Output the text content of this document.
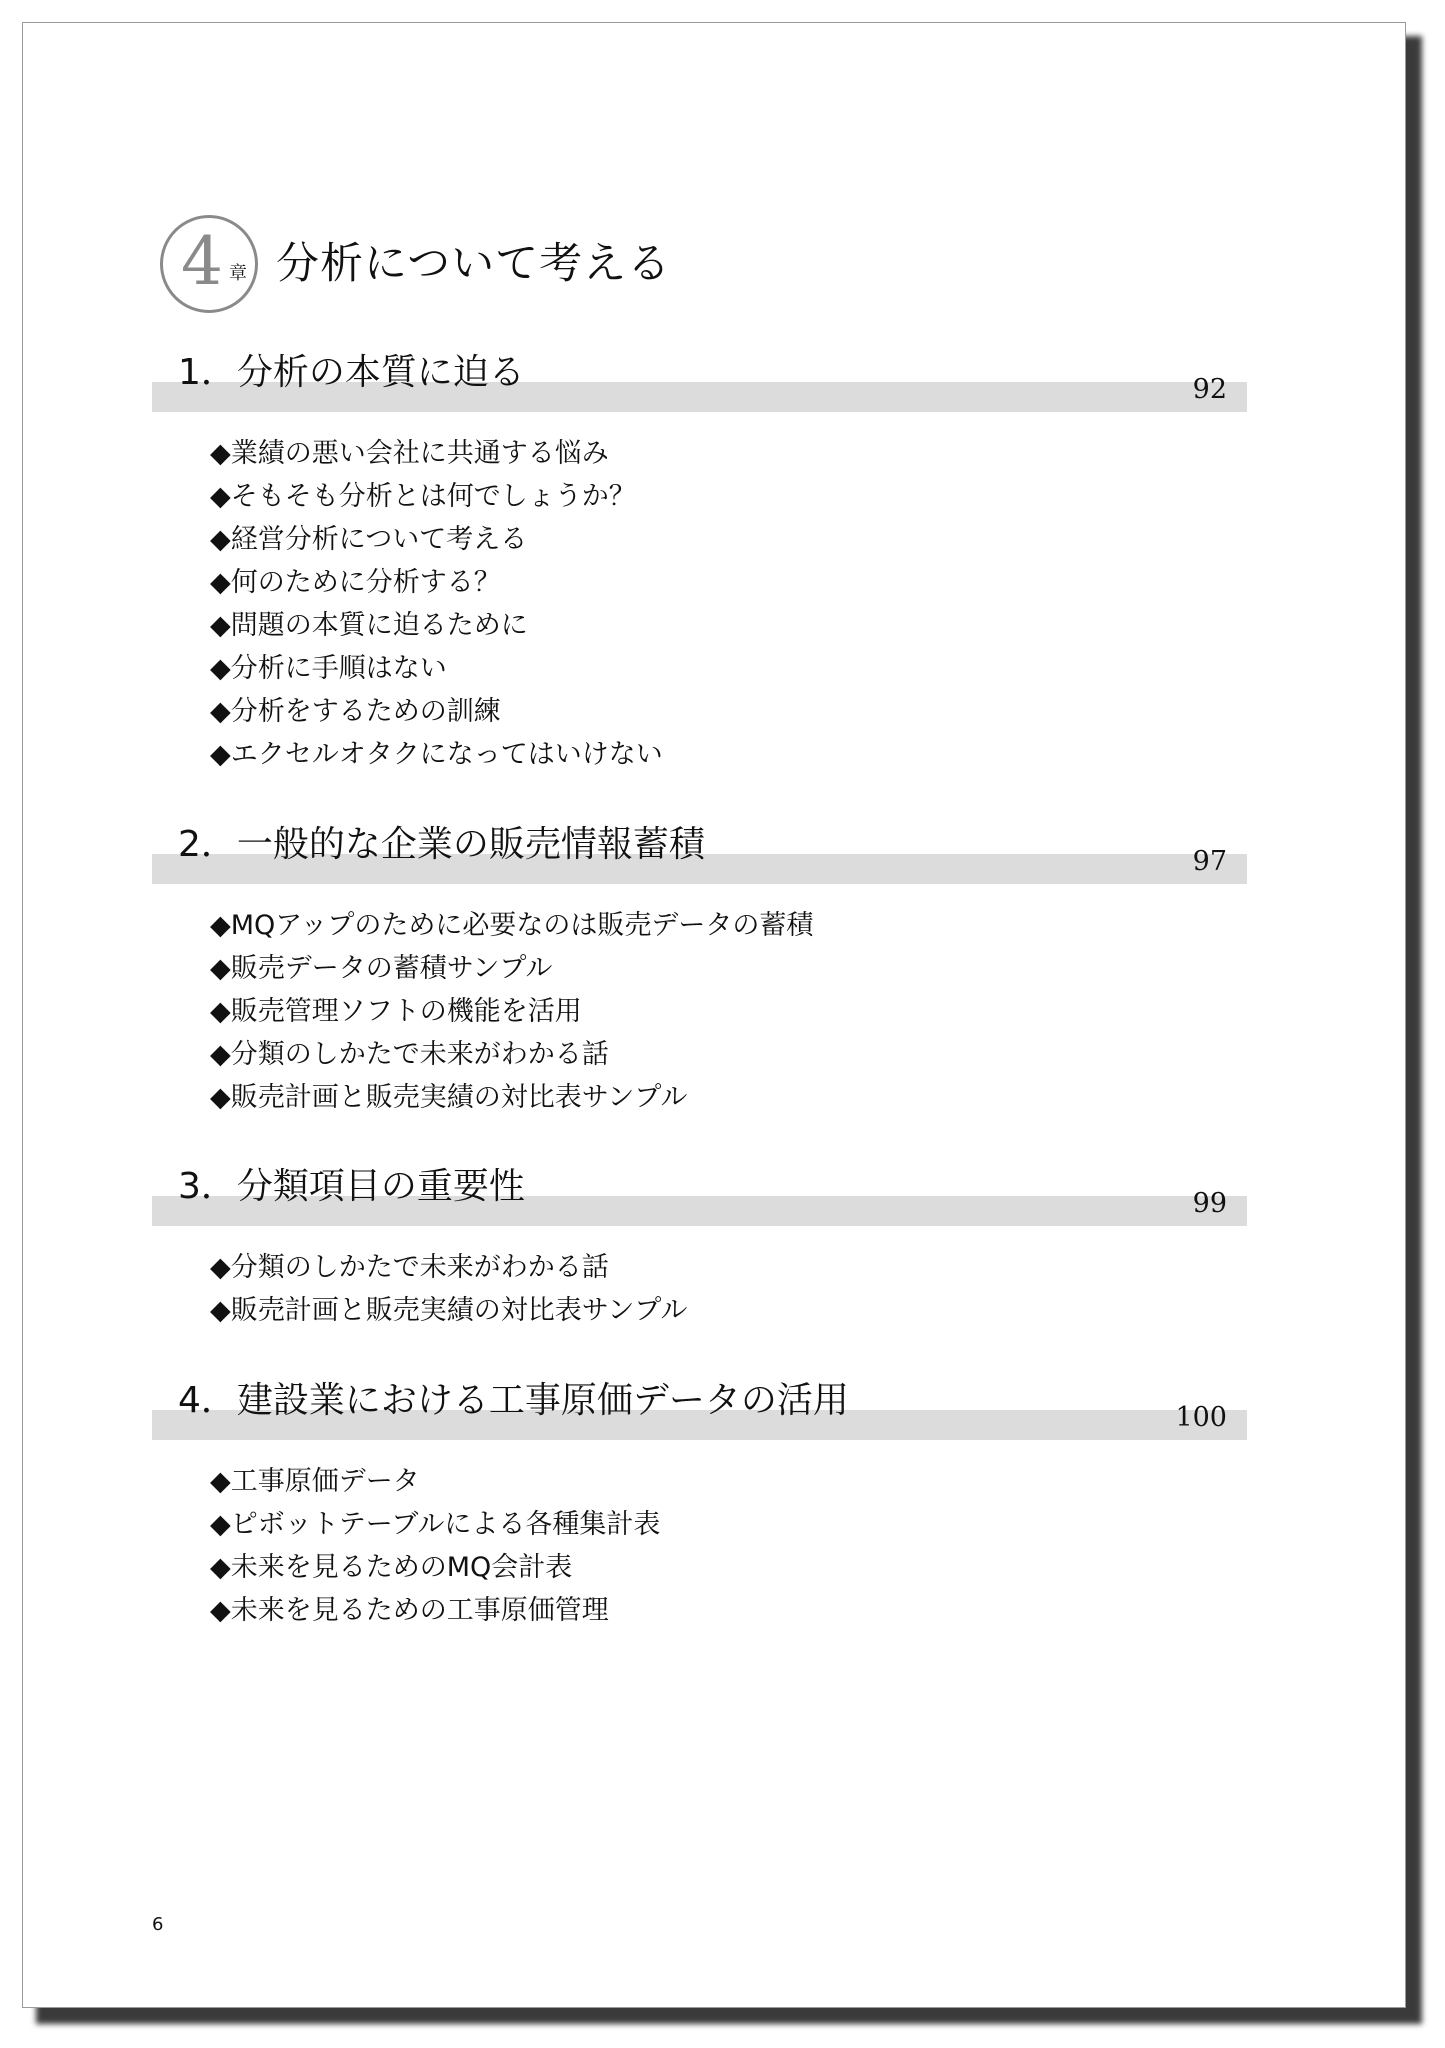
4 章 分析について考える
1．分析の本質に迫る	92
◆業績の悪い会社に共通する悩み
◆そもそも分析とは何でしょうか？
◆経営分析について考える
◆何のために分析する？
◆問題の本質に迫るために
◆分析に手順はない
◆分析をするための訓練
◆エクセルオタクになってはいけない
2．一般的な企業の販売情報蓄積	97
◆MQアップのために必要なのは販売データの蓄積
◆販売データの蓄積サンプル
◆販売管理ソフトの機能を活用
◆分類のしかたで未来がわかる話
◆販売計画と販売実績の対比表サンプル
3．分類項目の重要性	99
◆分類のしかたで未来がわかる話
◆販売計画と販売実績の対比表サンプル
4．建設業における工事原価データの活用	100
◆工事原価データ
◆ピボットテーブルによる各種集計表
◆未来を見るためのMQ会計表
◆未来を見るための工事原価管理
6
